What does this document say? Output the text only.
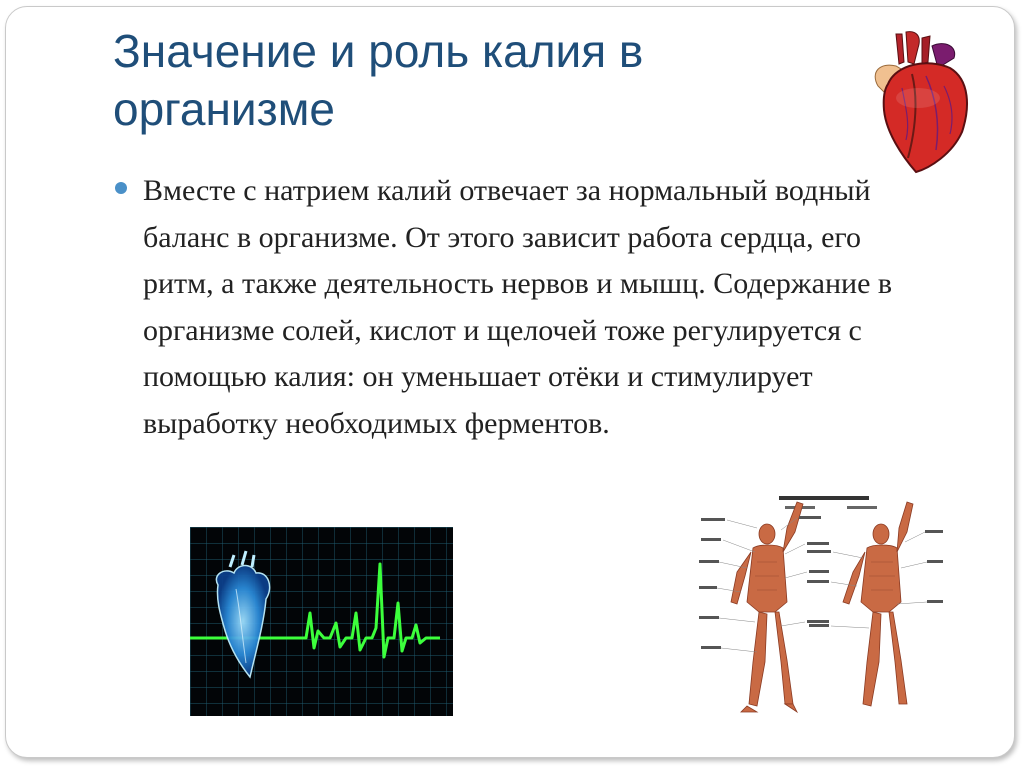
Значение и роль калия в организме

Вместе с натрием калий отвечает за нормальный водный баланс в организме. От этого зависит работа сердца, его ритм, а также деятельность нервов и мышц. Содержание в организме солей, кислот и щелочей тоже регулируется с помощью калия: он уменьшает отёки и стимулирует выработку необходимых ферментов.
